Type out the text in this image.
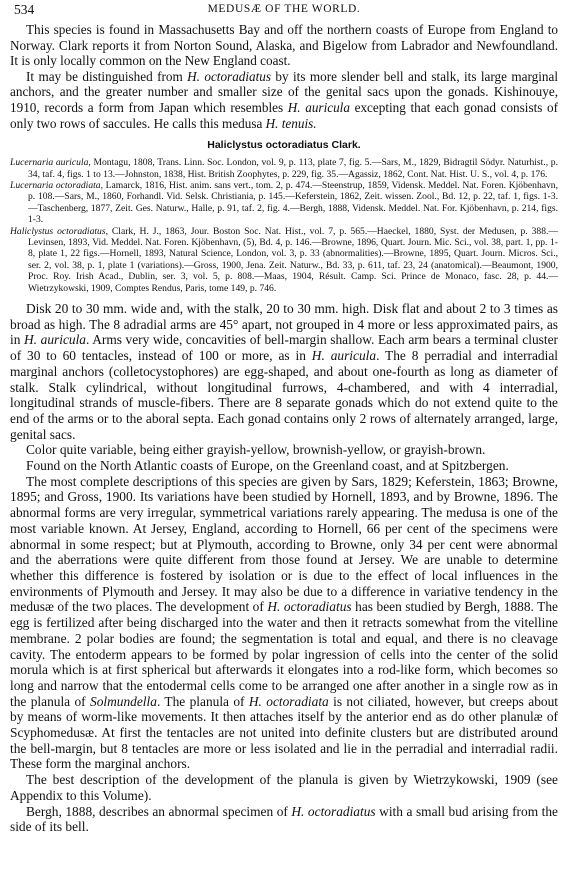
534	MEDUSÆ OF THE WORLD.

This species is found in Massachusetts Bay and off the northern coasts of Europe from England to Norway. Clark reports it from Norton Sound, Alaska, and Bigelow from Labrador and Newfoundland. It is only locally common on the New England coast.

It may be distinguished from H. octoradiatus by its more slender bell and stalk, its large marginal anchors, and the greater number and smaller size of the genital sacs upon the gonads. Kishinouye, 1910, records a form from Japan which resembles H. auricula excepting that each gonad consists of only two rows of saccules. He calls this medusa H. tenuis.

Haliclystus octoradiatus Clark.

Lucernaria auricula, Montagu, 1808, Trans. Linn. Soc. London, vol. 9, p. 113, plate 7, fig. 5.—Sars, M., 1829, Bidragtil Södyr. Naturhist., p. 34, taf. 4, figs. 1 to 13.—Johnston, 1838, Hist. British Zoophytes, p. 229, fig. 35.—Agassiz, 1862, Cont. Nat. Hist. U. S., vol. 4, p. 176.

Lucernaria octoradiata, Lamarck, 1816, Hist. anim. sans vert., tom. 2, p. 474.—Steenstrup, 1859, Vidensk. Meddel. Nat. Foren. Kjöbenhavn, p. 108.—Sars, M., 1860, Forhandl. Vid. Selsk. Christiania, p. 145.—Keferstein, 1862, Zeit. wissen. Zool., Bd. 12, p. 22, taf. 1, figs. 1-3.—Taschenberg, 1877, Zeit. Ges. Naturw., Halle, p. 91, taf. 2, fig. 4.—Bergh, 1888, Vidensk. Meddel. Nat. For. Kjöbenhavn, p. 214, figs. 1-3.

Haliclystus octoradiatus, Clark, H. J., 1863, Jour. Boston Soc. Nat. Hist., vol. 7, p. 565.—Haeckel, 1880, Syst. der Medusen, p. 388.—Levinsen, 1893, Vid. Meddel. Nat. Foren. Kjöbenhavn, (5), Bd. 4, p. 146.—Browne, 1896, Quart. Journ. Mic. Sci., vol. 38, part. 1, pp. 1-8, plate 1, 22 figs.—Hornell, 1893, Natural Science, London, vol. 3, p. 33 (abnormalities).—Browne, 1895, Quart. Journ. Micros. Sci., ser. 2, vol. 38, p. 1, plate 1 (variations).—Gross, 1900, Jena. Zeit. Naturw., Bd. 33, p. 611, taf. 23, 24 (anatomical).—Beaumont, 1900, Proc. Roy. Irish Acad., Dublin, ser. 3, vol. 5, p. 808.—Maas, 1904, Résult. Camp. Sci. Prince de Monaco, fasc. 28, p. 44.—Wietrzykowski, 1909, Comptes Rendus, Paris, tome 149, p. 746.

Disk 20 to 30 mm. wide and, with the stalk, 20 to 30 mm. high. Disk flat and about 2 to 3 times as broad as high. The 8 adradial arms are 45° apart, not grouped in 4 more or less approximated pairs, as in H. auricula. Arms very wide, concavities of bell-margin shallow. Each arm bears a terminal cluster of 30 to 60 tentacles, instead of 100 or more, as in H. auricula. The 8 perradial and interradial marginal anchors (colletocystophores) are egg-shaped, and about one-fourth as long as diameter of stalk. Stalk cylindrical, without longitudinal furrows, 4-chambered, and with 4 interradial, longitudinal strands of muscle-fibers. There are 8 separate gonads which do not extend quite to the end of the arms or to the aboral septa. Each gonad contains only 2 rows of alternately arranged, large, genital sacs.

Color quite variable, being either grayish-yellow, brownish-yellow, or grayish-brown.

Found on the North Atlantic coasts of Europe, on the Greenland coast, and at Spitzbergen.

The most complete descriptions of this species are given by Sars, 1829; Keferstein, 1863; Browne, 1895; and Gross, 1900. Its variations have been studied by Hornell, 1893, and by Browne, 1896. The abnormal forms are very irregular, symmetrical variations rarely appearing. The medusa is one of the most variable known. At Jersey, England, according to Hornell, 66 per cent of the specimens were abnormal in some respect; but at Plymouth, according to Browne, only 34 per cent were abnormal and the aberrations were quite different from those found at Jersey. We are unable to determine whether this difference is fostered by isolation or is due to the effect of local influences in the environments of Plymouth and Jersey. It may also be due to a difference in variative tendency in the medusæ of the two places. The development of H. octoradiatus has been studied by Bergh, 1888. The egg is fertilized after being discharged into the water and then it retracts somewhat from the vitelline membrane. 2 polar bodies are found; the segmentation is total and equal, and there is no cleavage cavity. The entoderm appears to be formed by polar ingression of cells into the center of the solid morula which is at first spherical but afterwards it elongates into a rod-like form, which becomes so long and narrow that the entodermal cells come to be arranged one after another in a single row as in the planula of Solmundella. The planula of H. octoradiata is not ciliated, however, but creeps about by means of worm-like movements. It then attaches itself by the anterior end as do other planulæ of Scyphomedusæ. At first the tentacles are not united into definite clusters but are distributed around the bell-margin, but 8 tentacles are more or less isolated and lie in the perradial and interradial radii. These form the marginal anchors.

The best description of the development of the planula is given by Wietrzykowski, 1909 (see Appendix to this Volume).

Bergh, 1888, describes an abnormal specimen of H. octoradiatus with a small bud arising from the side of its bell.
